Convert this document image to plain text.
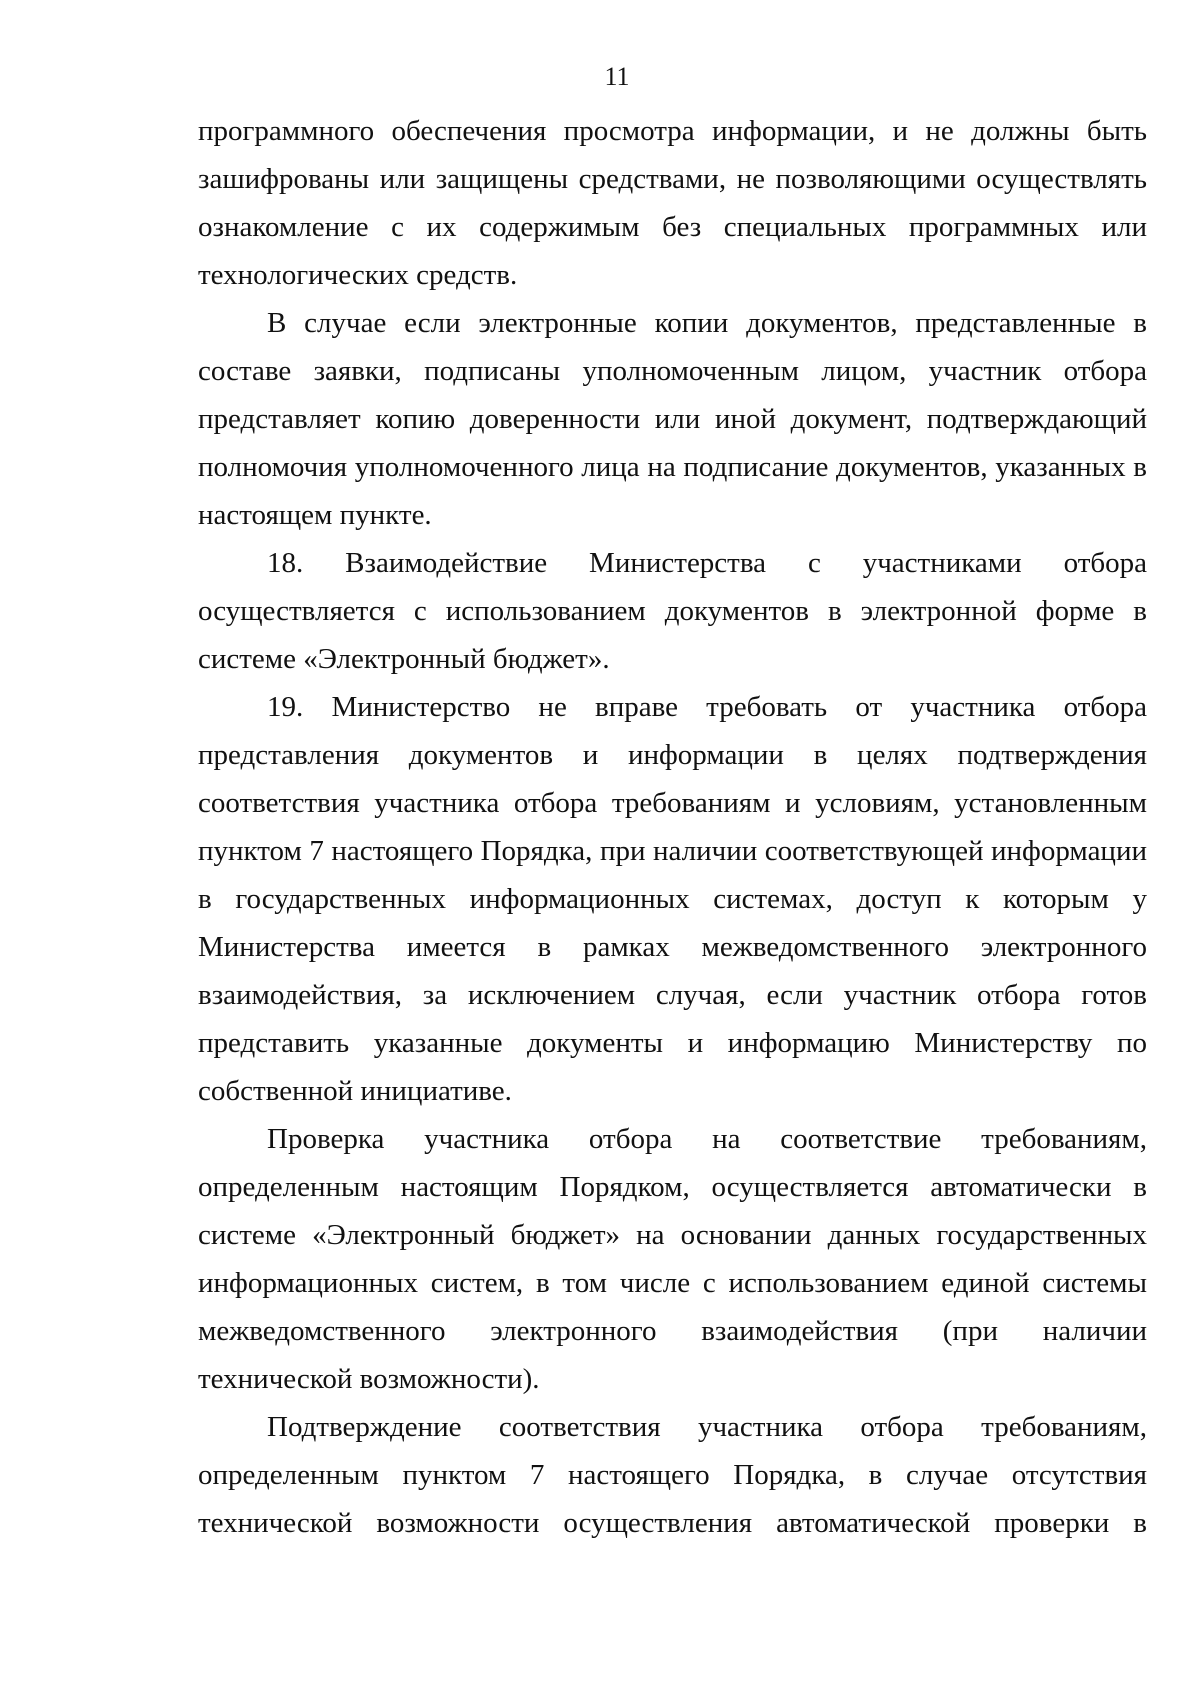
11

программного обеспечения просмотра информации, и не должны быть зашифрованы или защищены средствами, не позволяющими осуществлять ознакомление с их содержимым без специальных программных или технологических средств.

В случае если электронные копии документов, представленные в составе заявки, подписаны уполномоченным лицом, участник отбора представляет копию доверенности или иной документ, подтверждающий полномочия уполномоченного лица на подписание документов, указанных в настоящем пункте.

18. Взаимодействие Министерства с участниками отбора осуществляется с использованием документов в электронной форме в системе «Электронный бюджет».

19. Министерство не вправе требовать от участника отбора представления документов и информации в целях подтверждения соответствия участника отбора требованиям и условиям, установленным пунктом 7 настоящего Порядка, при наличии соответствующей информации в государственных информационных системах, доступ к которым у Министерства имеется в рамках межведомственного электронного взаимодействия, за исключением случая, если участник отбора готов представить указанные документы и информацию Министерству по собственной инициативе.

Проверка участника отбора на соответствие требованиям, определенным настоящим Порядком, осуществляется автоматически в системе «Электронный бюджет» на основании данных государственных информационных систем, в том числе с использованием единой системы межведомственного электронного взаимодействия (при наличии технической возможности).

Подтверждение соответствия участника отбора требованиям, определенным пунктом 7 настоящего Порядка, в случае отсутствия технической возможности осуществления автоматической проверки в
